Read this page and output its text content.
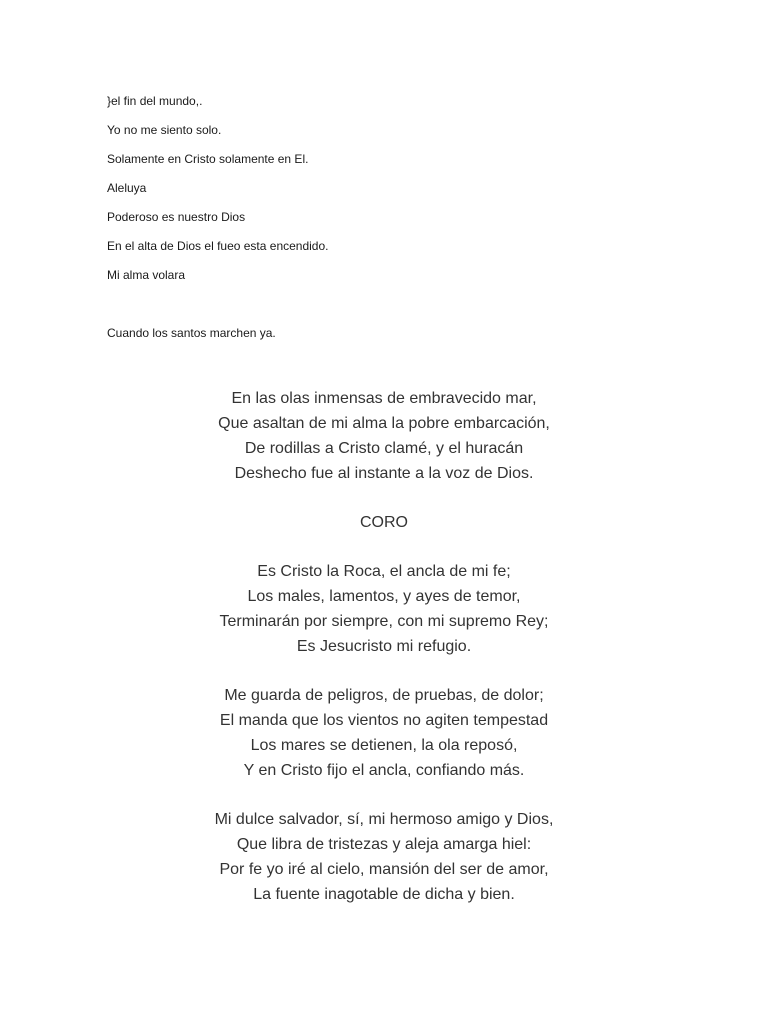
}el fin del mundo,.
Yo no me siento solo.
Solamente en Cristo solamente en El.
Aleluya
Poderoso es nuestro Dios
En el alta de Dios el fueo esta encendido.
Mi alma volara
Cuando los santos marchen ya.
En las olas inmensas de embravecido mar,
Que asaltan de mi alma la pobre embarcación,
De rodillas a Cristo clamé, y el huracán
Deshecho fue al instante a la voz de Dios.
CORO
Es Cristo la Roca, el ancla de mi fe;
Los males, lamentos, y ayes de temor,
Terminarán por siempre, con mi supremo Rey;
Es Jesucristo mi refugio.
Me guarda de peligros, de pruebas, de dolor;
El manda que los vientos no agiten tempestad
Los mares se detienen, la ola reposó,
Y en Cristo fijo el ancla, confiando más.
Mi dulce salvador, sí, mi hermoso amigo y Dios,
Que libra de tristezas y aleja amarga hiel:
Por fe yo iré al cielo, mansión del ser de amor,
La fuente inagotable de dicha y bien.
